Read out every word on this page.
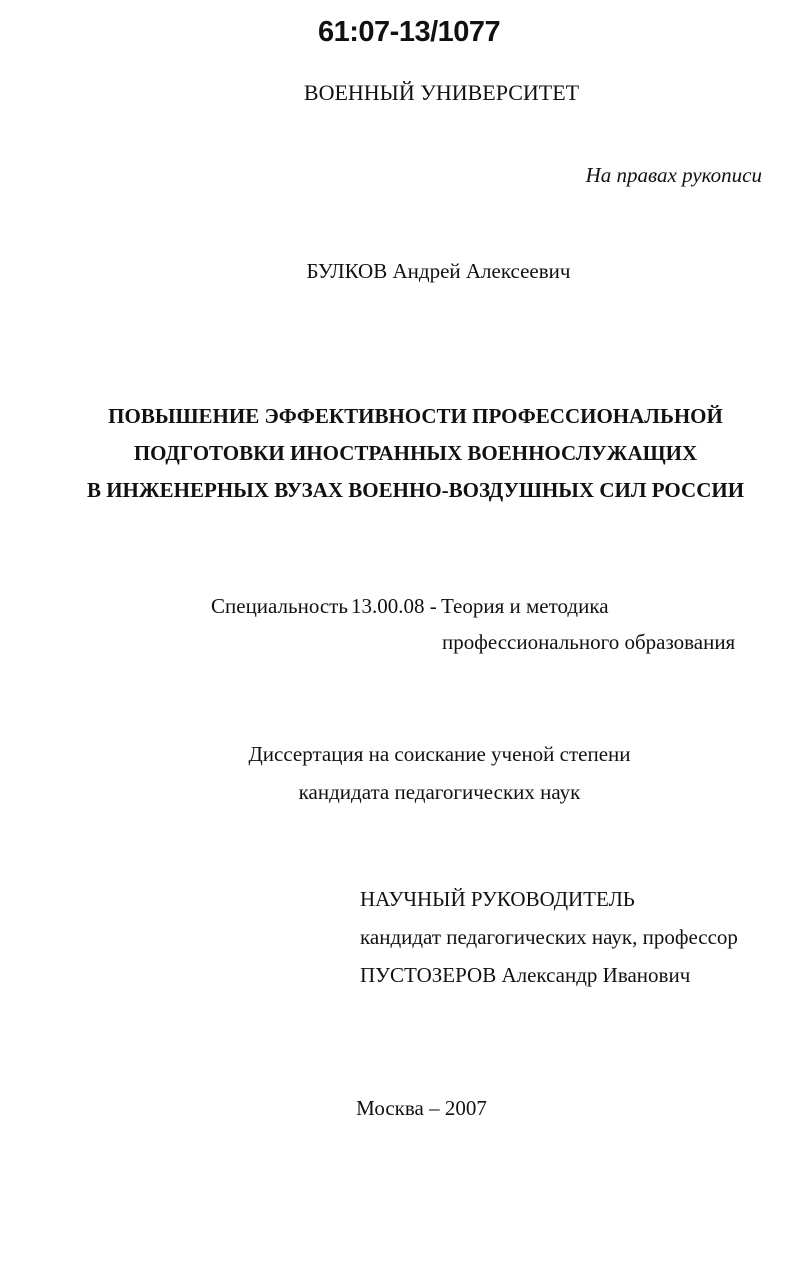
61:07-13/1077
ВОЕННЫЙ УНИВЕРСИТЕТ
На правах рукописи
БУЛКОВ Андрей Алексеевич
ПОВЫШЕНИЕ ЭФФЕКТИВНОСТИ ПРОФЕССИОНАЛЬНОЙ
ПОДГОТОВКИ ИНОСТРАННЫХ ВОЕННОСЛУЖАЩИХ
В ИНЖЕНЕРНЫХ ВУЗАХ ВОЕННО-ВОЗДУШНЫХ СИЛ РОССИИ
Специальность 13.00.08 - Теория и методика
профессионального образования
Диссертация на соискание ученой степени
кандидата педагогических наук
НАУЧНЫЙ РУКОВОДИТЕЛЬ
кандидат педагогических наук, профессор
ПУСТОЗЕРОВ Александр Иванович
Москва – 2007
